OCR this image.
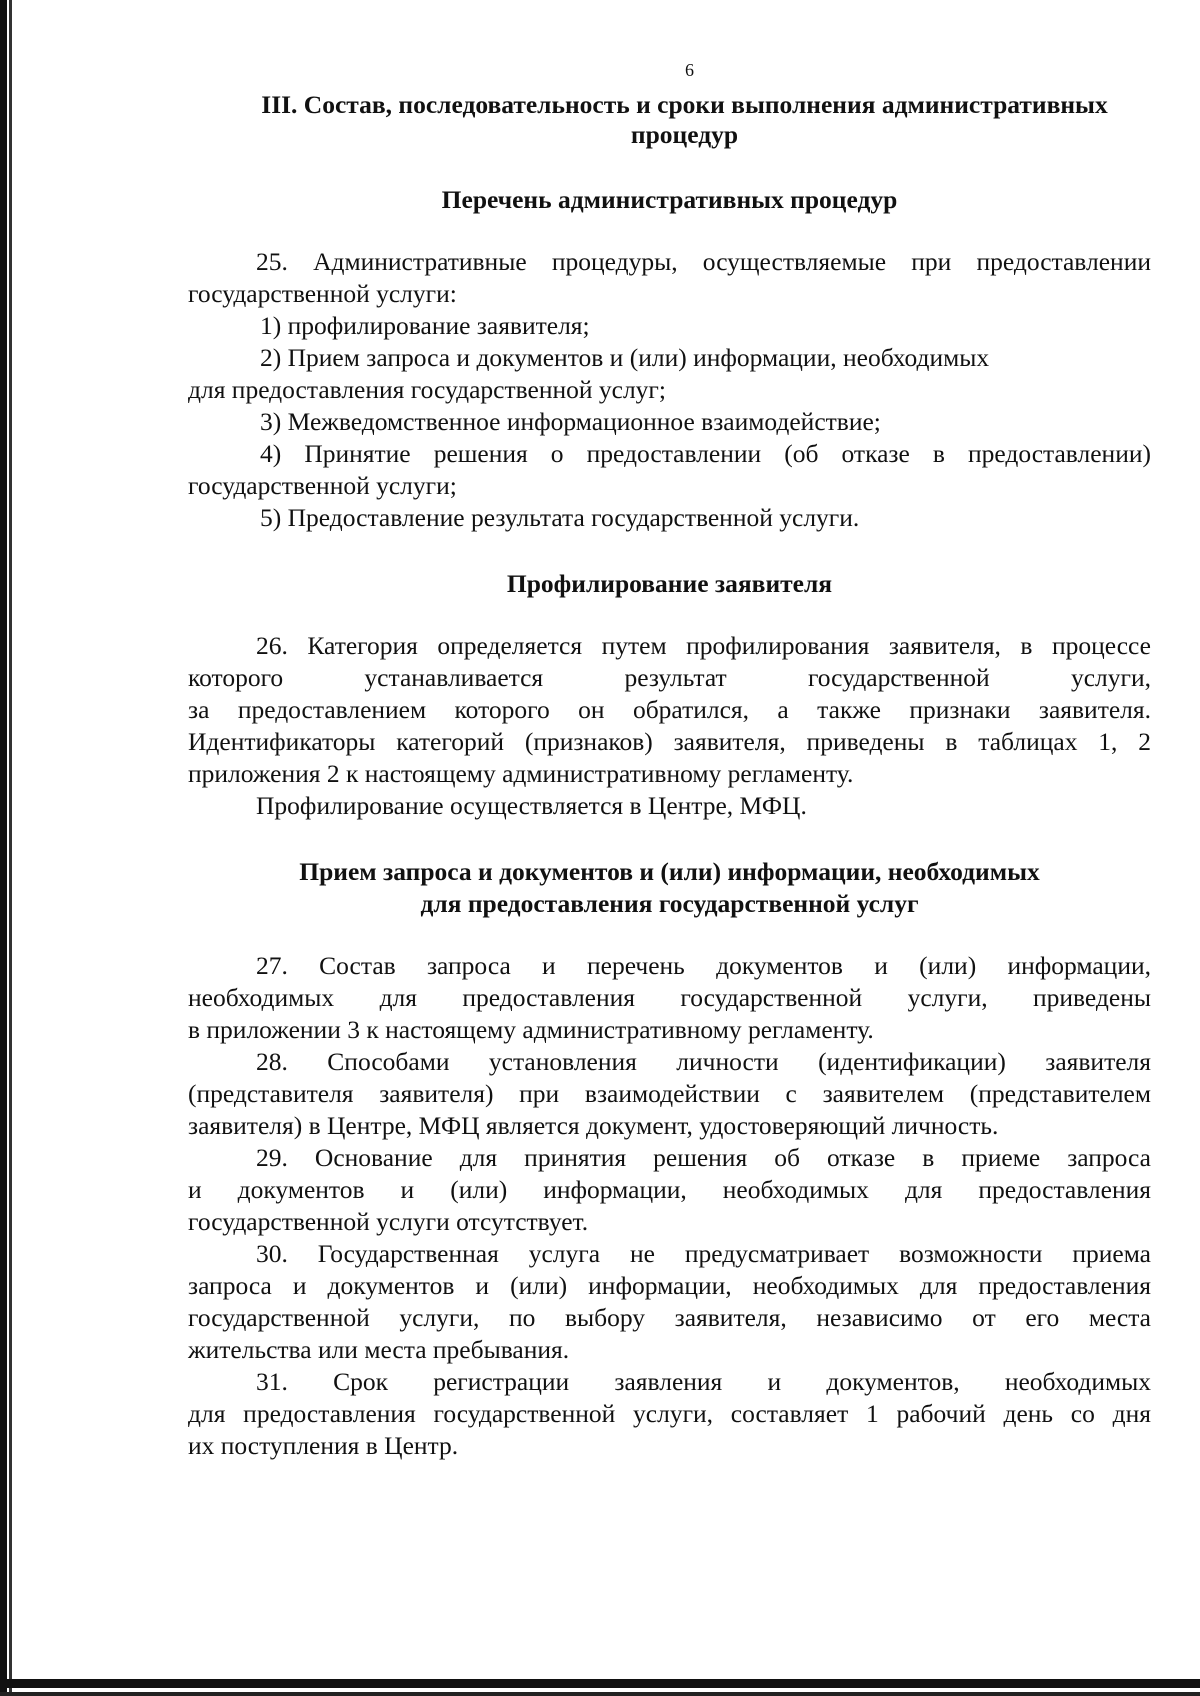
6
III. Состав, последовательность и сроки выполнения административных
процедур
Перечень административных процедур

25. Административные процедуры, осуществляемые при предоставлении

государственной услуги:

1) профилирование заявителя;

2) Прием запроса и документов и (или) информации, необходимых

для предоставления государственной услуг;

3) Межведомственное информационное взаимодействие;

4) Принятие решения о предоставлении (об отказе в предоставлении)

государственной услуги;

5) Предоставление результата государственной услуги.

Профилирование заявителя

26. Категория определяется путем профилирования заявителя, в процессе

которого устанавливается результат государственной услуги,

за предоставлением которого он обратился, а также признаки заявителя.

Идентификаторы категорий (признаков) заявителя, приведены в таблицах 1, 2

приложения 2 к настоящему административному регламенту.

Профилирование осуществляется в Центре, МФЦ.

Прием запроса и документов и (или) информации, необходимых
для предоставления государственной услуг

27. Состав запроса и перечень документов и (или) информации,

необходимых для предоставления государственной услуги, приведены

в приложении 3 к настоящему административному регламенту.

28. Способами установления личности (идентификации) заявителя

(представителя заявителя) при взаимодействии с заявителем (представителем

заявителя) в Центре, МФЦ является документ, удостоверяющий личность.

29. Основание для принятия решения об отказе в приеме запроса

и документов и (или) информации, необходимых для предоставления

государственной услуги отсутствует.

30. Государственная услуга не предусматривает возможности приема

запроса и документов и (или) информации, необходимых для предоставления

государственной услуги, по выбору заявителя, независимо от его места

жительства или места пребывания.

31. Срок регистрации заявления и документов, необходимых

для предоставления государственной услуги, составляет 1 рабочий день со дня

их поступления в Центр.
